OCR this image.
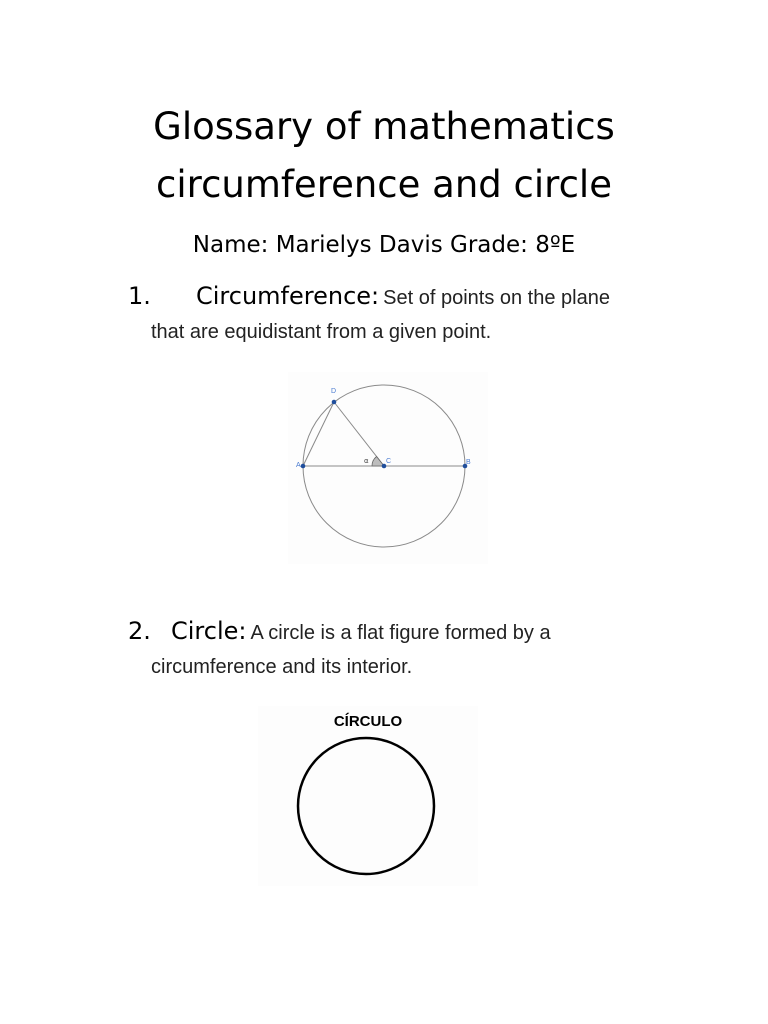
Glossary of mathematics
circumference and circle
Name: Marielys Davis Grade: 8ºE
1. Circumference: Set of points on the plane
that are equidistant from a given point.
A	B
C
D
α
2. Circle: A circle is a flat figure formed by a
circumference and its interior.
CÍRCULO
